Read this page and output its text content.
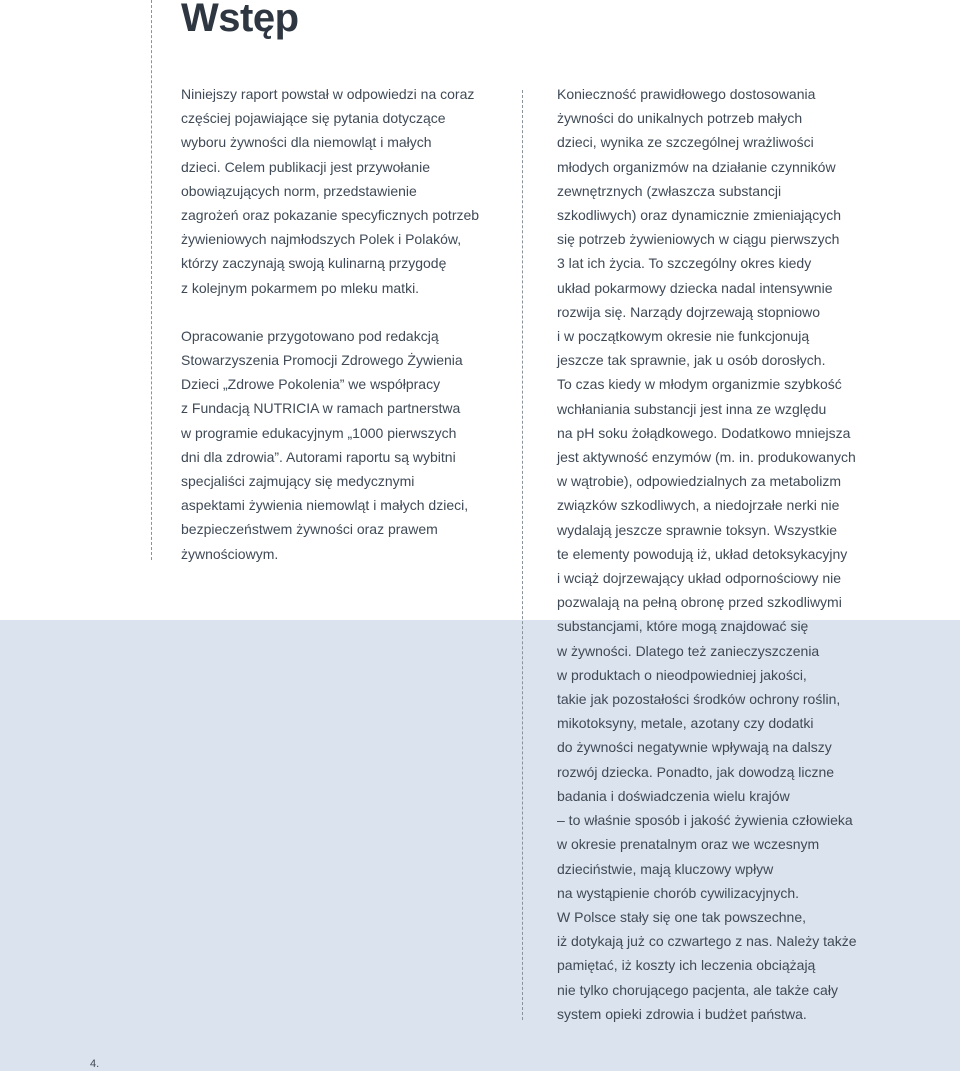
Wstęp

Niniejszy raport powstał w odpowiedzi na coraz
częściej pojawiające się pytania dotyczące
wyboru żywności dla niemowląt i małych
dzieci. Celem publikacji jest przywołanie
obowiązujących norm, przedstawienie
zagrożeń oraz pokazanie specyficznych potrzeb
żywieniowych najmłodszych Polek i Polaków,
którzy zaczynają swoją kulinarną przygodę
z kolejnym pokarmem po mleku matki.

Opracowanie przygotowano pod redakcją
Stowarzyszenia Promocji Zdrowego Żywienia
Dzieci „Zdrowe Pokolenia” we współpracy
z Fundacją NUTRICIA w ramach partnerstwa
w programie edukacyjnym „1000 pierwszych
dni dla zdrowia”. Autorami raportu są wybitni
specjaliści zajmujący się medycznymi
aspektami żywienia niemowląt i małych dzieci,
bezpieczeństwem żywności oraz prawem
żywnościowym.

Konieczność prawidłowego dostosowania
żywności do unikalnych potrzeb małych
dzieci, wynika ze szczególnej wrażliwości
młodych organizmów na działanie czynników
zewnętrznych (zwłaszcza substancji
szkodliwych) oraz dynamicznie zmieniających
się potrzeb żywieniowych w ciągu pierwszych
3 lat ich życia. To szczególny okres kiedy
układ pokarmowy dziecka nadal intensywnie
rozwija się. Narządy dojrzewają stopniowo
i w początkowym okresie nie funkcjonują
jeszcze tak sprawnie, jak u osób dorosłych.
To czas kiedy w młodym organizmie szybkość
wchłaniania substancji jest inna ze względu
na pH soku żołądkowego. Dodatkowo mniejsza
jest aktywność enzymów (m. in. produkowanych
w wątrobie), odpowiedzialnych za metabolizm
związków szkodliwych, a niedojrzałe nerki nie
wydalają jeszcze sprawnie toksyn. Wszystkie
te elementy powodują iż, układ detoksykacyjny
i wciąż dojrzewający układ odpornościowy nie
pozwalają na pełną obronę przed szkodliwymi
substancjami, które mogą znajdować się
w żywności. Dlatego też zanieczyszczenia
w produktach o nieodpowiedniej jakości,
takie jak pozostałości środków ochrony roślin,
mikotoksyny, metale, azotany czy dodatki
do żywności negatywnie wpływają na dalszy
rozwój dziecka. Ponadto, jak dowodzą liczne
badania i doświadczenia wielu krajów
– to właśnie sposób i jakość żywienia człowieka
w okresie prenatalnym oraz we wczesnym
dzieciństwie, mają kluczowy wpływ
na wystąpienie chorób cywilizacyjnych.
W Polsce stały się one tak powszechne,
iż dotykają już co czwartego z nas. Należy także
pamiętać, iż koszty ich leczenia obciążają
nie tylko chorującego pacjenta, ale także cały
system opieki zdrowia i budżet państwa.

4.
